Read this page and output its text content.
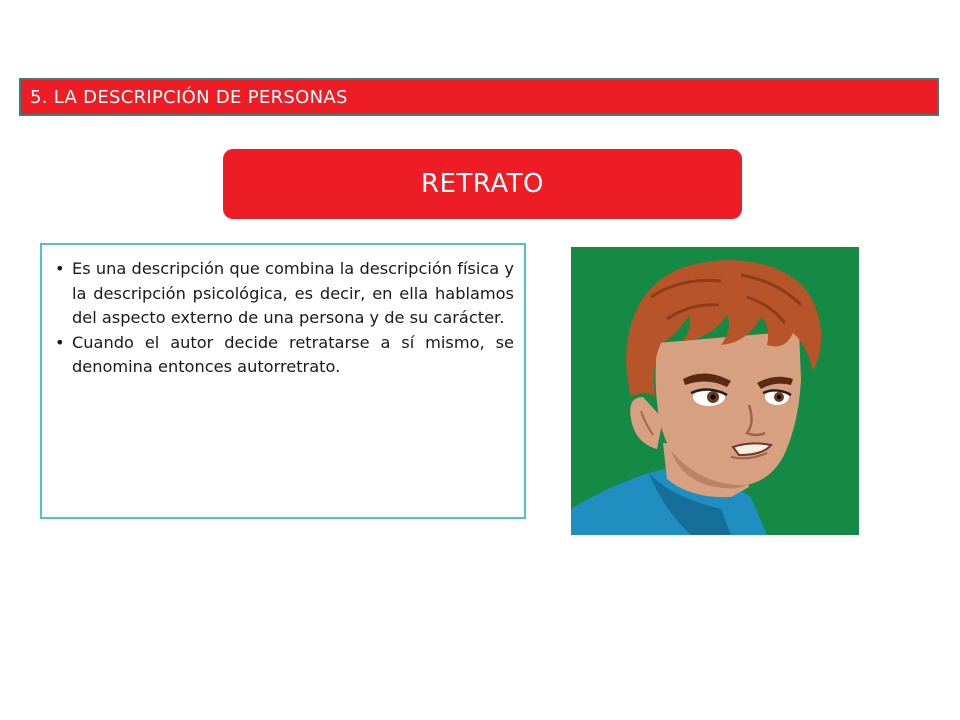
5. LA DESCRIPCIÓN DE PERSONAS
RETRATO
• Es una descripción que combina la descripción física y la descripción psicológica, es decir, en ella hablamos del aspecto externo de una persona y de su carácter.
• Cuando el autor decide retratarse a sí mismo, se denomina entonces autorretrato.
